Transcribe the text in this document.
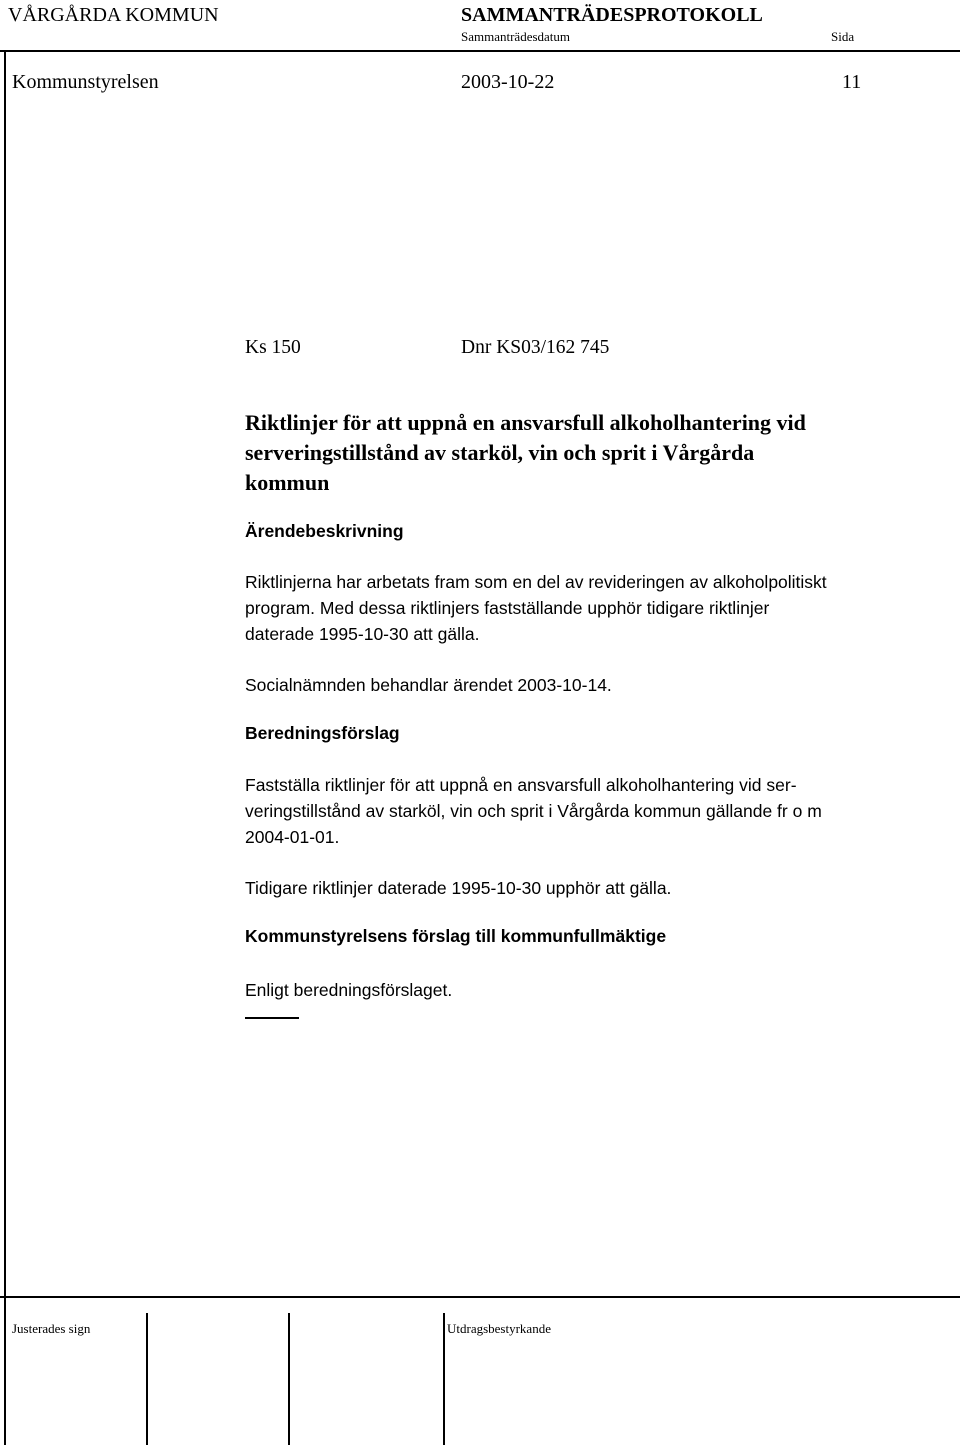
VÅRGÅRDA KOMMUN	SAMMANTRÄDESPROTOKOLL
Sammanträdesdatum	Sida
Kommunstyrelsen	2003-10-22	11
Ks 150	Dnr KS03/162 745
Riktlinjer för att uppnå en ansvarsfull alkoholhantering vid
serveringstillstånd av starköl, vin och sprit i Vårgårda
kommun
Ärendebeskrivning
Riktlinjerna har arbetats fram som en del av revideringen av alkoholpolitiskt
program. Med dessa riktlinjers fastställande upphör tidigare riktlinjer
daterade 1995-10-30 att gälla.
Socialnämnden behandlar ärendet 2003-10-14.
Beredningsförslag
Fastställa riktlinjer för att uppnå en ansvarsfull alkoholhantering vid ser-
veringstillstånd av starköl, vin och sprit i Vårgårda kommun gällande fr o m
2004-01-01.
Tidigare riktlinjer daterade 1995-10-30 upphör att gälla.
Kommunstyrelsens förslag till kommunfullmäktige
Enligt beredningsförslaget.
Justerades sign	Utdragsbestyrkande
